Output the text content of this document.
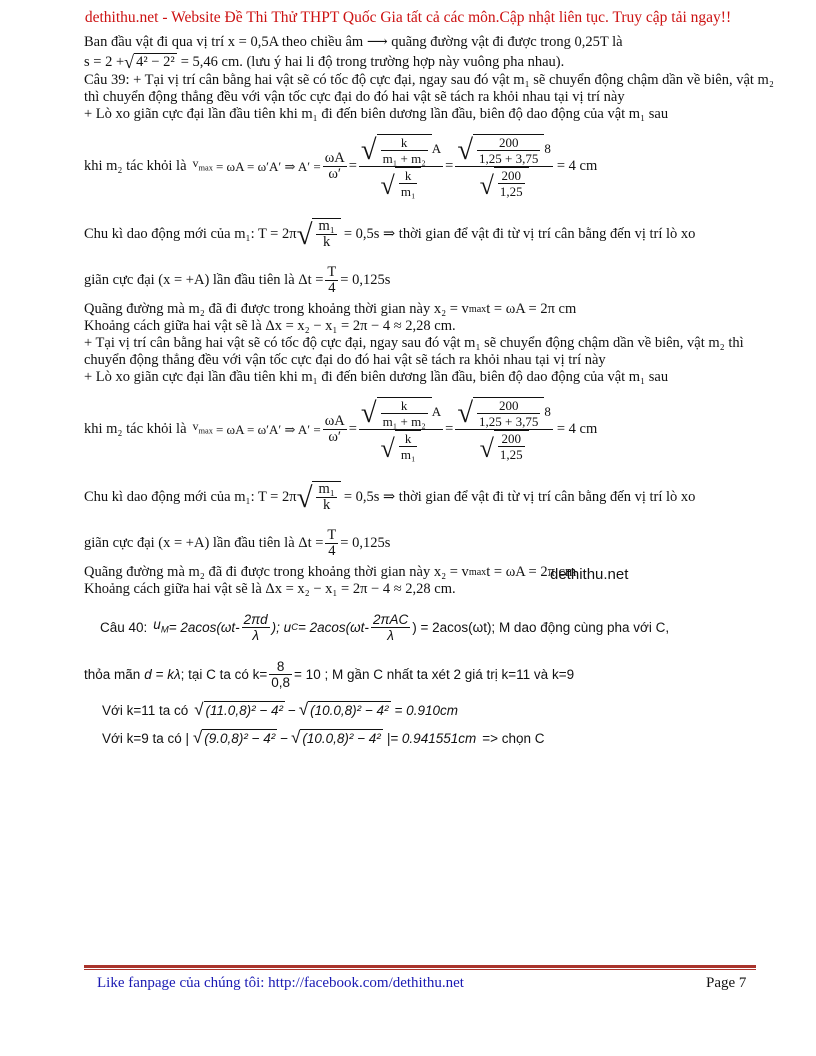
dethithu.net - Website Đề Thi Thử THPT Quốc Gia tất cả các môn.Cập nhật liên tục. Truy cập tải ngay!!

Ban đầu vật đi qua vị trí x = 0,5A theo chiều âm ⟶ quãng đường vật đi được trong 0,25T là

s = 2 + √ 4² − 2² = 5,46 cm. (lưu ý hai li độ trong trường hợp này vuông pha nhau).

Câu 39: + Tại vị trí cân bằng hai vật sẽ có tốc độ cực đại, ngay sau đó vật m₁ sẽ chuyển động chậm dần về biên, vật m₂ thì chuyển động thẳng đều với vận tốc cực đại do đó hai vật sẽ tách ra khỏi nhau tại vị trí này

+ Lò xo giãn cực đại lần đầu tiên khi m₁ đi đến biên dương lần đầu, biên độ dao động của vật m₁ sau

khi m₂ tác khỏi là $v_{max} = \omega A = \omega'A'$ ⇒ $A' = \frac{\omega A}{\omega'}$ = √	k
m₁ + m₂
A
√ k
m₁ = √	200
1,25 + 3,75
8
√ 200
1,25 = 4 cm
Chu kì dao động mới của m₁: T = 2π √ m₁
k
= 0,5s ⇒ thời gian để vật đi từ vị trí cân bằng đến vị trí lò xo
giãn cực đại (x = +A) lần đầu tiên là $\Delta t = \frac{T}{4} = 0,125s$
Quãng đường mà m₂ đã đi được trong khoảng thời gian này x₂ = v max t = ωA = 2π cm

Khoảng cách giữa hai vật sẽ là Δx = x₂ − x₁ = 2π − 4 ≈ 2,28 cm.

+ Tại vị trí cân bằng hai vật sẽ có tốc độ cực đại, ngay sau đó vật m₁ sẽ chuyển động chậm dần về biên, vật m₂ thì chuyển động thẳng đều với vận tốc cực đại do đó hai vật sẽ tách ra khỏi nhau tại vị trí này

+ Lò xo giãn cực đại lần đầu tiên khi m₁ đi đến biên dương lần đầu, biên độ dao động của vật m₁ sau

khi m₂ tác khỏi là $v_{max} = \omega A = \omega'A'$ ⇒ $A' = \frac{\omega A}{\omega'}$ = √	k
m₁ + m₂
A
√ k
m₁ = √	200
1,25 + 3,75
8
√ 200
1,25 = 4 cm
Chu kì dao động mới của m₁: T = 2π √ m₁
k
= 0,5s ⇒ thời gian để vật đi từ vị trí cân bằng đến vị trí lò xo
giãn cực đại (x = +A) lần đầu tiên là $\Delta t = \frac{T}{4} = 0,125s$
Quãng đường mà m₂ đã đi được trong khoảng thời gian này x₂ = v max t = ωA = 2π cm

Khoảng cách giữa hai vật sẽ là Δx = x₂ − x₁ = 2π − 4 ≈ 2,28 cm.

Câu 40: $u_M = 2acos(\omega t-$
2πd
λ
); u C = 2acos(ωt-
2πAC
λ
) = 2acos(ωt); M dao động cùng pha với C,
thỏa mãn d = kλ ; tại C ta có $k= \frac{8}{0,8} = 10$ ; M gần C nhất ta xét 2 giá trị k=11 và k=9
Với k=11 ta có √ (11.0,8)² − 4² − √ (10.0,8)² − 4² = 0.910cm
Với k=9 ta có | √ (9.0,8)² − 4² − √ (10.0,8)² − 4² |= 0.941551cm => chọn C
dethithu.net
Like fanpage của chúng tôi: http://facebook.com/dethithu.net	Page 7
